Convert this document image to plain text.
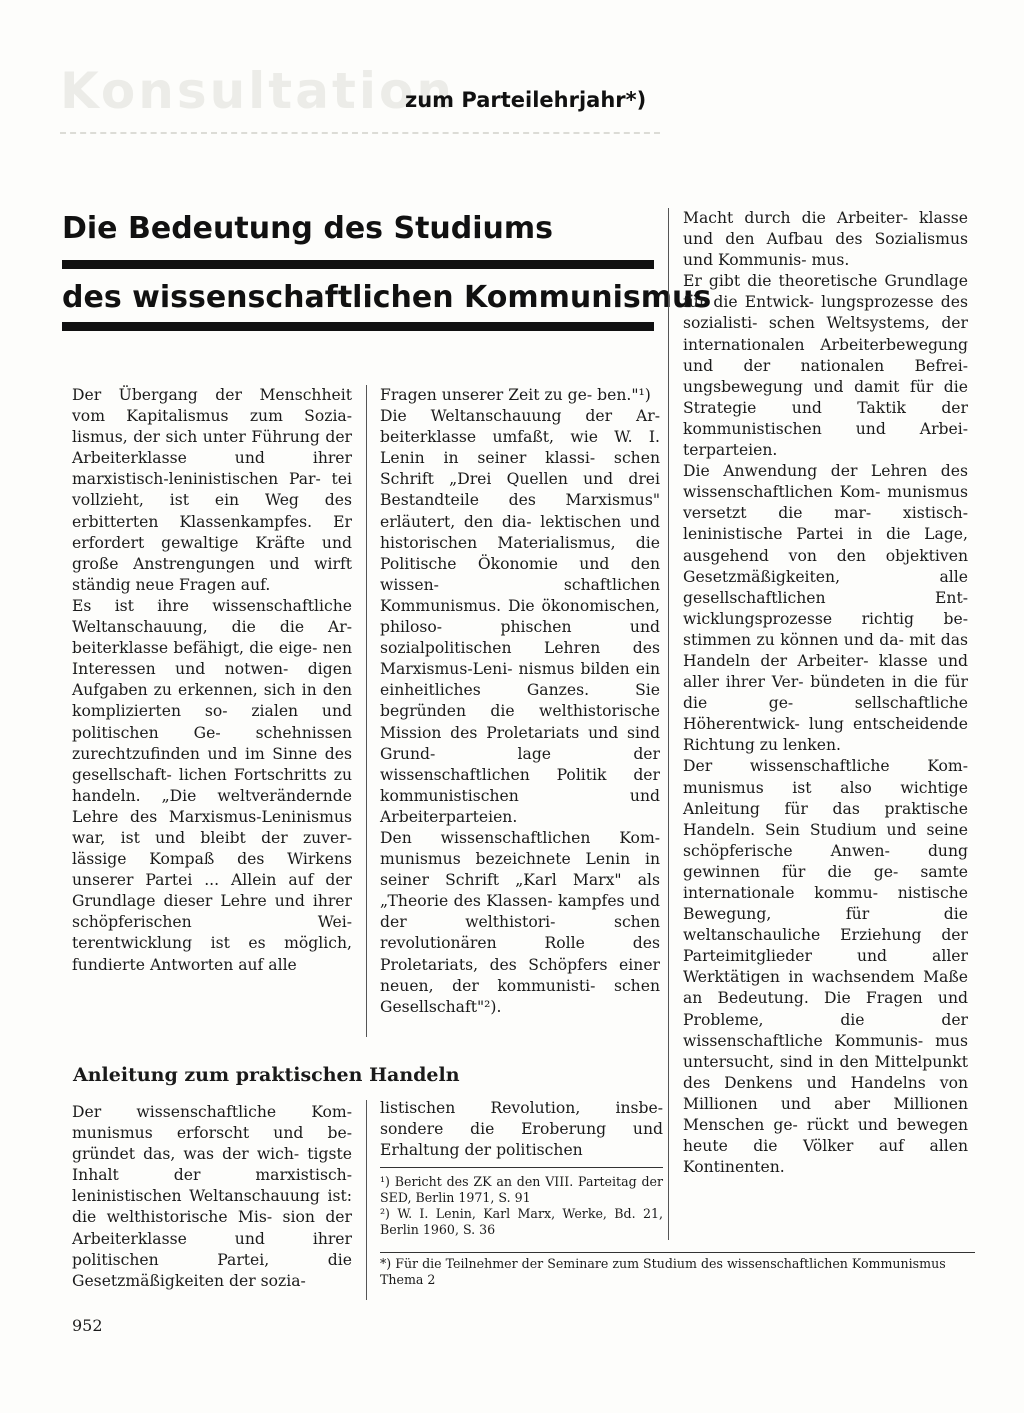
Konsultation
zum Parteilehrjahr*)
Die Bedeutung des Studiums
des wissenschaftlichen Kommunismus

Der Übergang der Menschheit vom Kapitalismus zum Sozia- lismus, der sich unter Führung der Arbeiterklasse und ihrer marxistisch-leninistischen Par- tei vollzieht, ist ein Weg des erbitterten Klassenkampfes. Er erfordert gewaltige Kräfte und große Anstrengungen und wirft ständig neue Fragen auf.

Es ist ihre wissenschaftliche Weltanschauung, die die Ar- beiterklasse befähigt, die eige- nen Interessen und notwen- digen Aufgaben zu erkennen, sich in den komplizierten so- zialen und politischen Ge- schehnissen zurechtzufinden und im Sinne des gesellschaft- lichen Fortschritts zu handeln. „Die weltverändernde Lehre des Marxismus-Leninismus war, ist und bleibt der zuver- lässige Kompaß des Wirkens unserer Partei ... Allein auf der Grundlage dieser Lehre und ihrer schöpferischen Wei- terentwicklung ist es möglich, fundierte Antworten auf alle

Fragen unserer Zeit zu ge- ben."¹)

Die Weltanschauung der Ar- beiterklasse umfaßt, wie W. I. Lenin in seiner klassi- schen Schrift „Drei Quellen und drei Bestandteile des Marxismus" erläutert, den dia- lektischen und historischen Materialismus, die Politische Ökonomie und den wissen- schaftlichen Kommunismus. Die ökonomischen, philoso- phischen und sozialpolitischen Lehren des Marxismus-Leni- nismus bilden ein einheitliches Ganzes. Sie begründen die welthistorische Mission des Proletariats und sind Grund- lage der wissenschaftlichen Politik der kommunistischen und Arbeiterparteien.

Den wissenschaftlichen Kom- munismus bezeichnete Lenin in seiner Schrift „Karl Marx" als „Theorie des Klassen- kampfes und der welthistori- schen revolutionären Rolle des Proletariats, des Schöpfers einer neuen, der kommunisti- schen Gesellschaft"²).

Macht durch die Arbeiter- klasse und den Aufbau des Sozialismus und Kommunis- mus.

Er gibt die theoretische Grundlage für die Entwick- lungsprozesse des sozialisti- schen Weltsystems, der internationalen Arbeiterbewegung und der nationalen Befrei- ungsbewegung und damit für die Strategie und Taktik der kommunistischen und Arbei- terparteien.

Die Anwendung der Lehren des wissenschaftlichen Kom- munismus versetzt die mar- xistisch-leninistische Partei in die Lage, ausgehend von den objektiven Gesetzmäßigkeiten, alle gesellschaftlichen Ent- wicklungsprozesse richtig be- stimmen zu können und da- mit das Handeln der Arbeiter- klasse und aller ihrer Ver- bündeten in die für die ge- sellschaftliche Höherentwick- lung entscheidende Richtung zu lenken.

Der wissenschaftliche Kom- munismus ist also wichtige Anleitung für das praktische Handeln. Sein Studium und seine schöpferische Anwen- dung gewinnen für die ge- samte internationale kommu- nistische Bewegung, für die weltanschauliche Erziehung der Parteimitglieder und aller Werktätigen in wachsendem Maße an Bedeutung. Die Fragen und Probleme, die der wissenschaftliche Kommunis- mus untersucht, sind in den Mittelpunkt des Denkens und Handelns von Millionen und aber Millionen Menschen ge- rückt und bewegen heute die Völker auf allen Kontinenten.

Anleitung zum praktischen Handeln

Der wissenschaftliche Kom- munismus erforscht und be- gründet das, was der wich- tigste Inhalt der marxistisch- leninistischen Weltanschauung ist: die welthistorische Mis- sion der Arbeiterklasse und ihrer politischen Partei, die Gesetzmäßigkeiten der sozia-

listischen Revolution, insbe- sondere die Eroberung und Erhaltung der politischen

¹) Bericht des ZK an den VIII. Parteitag der SED, Berlin 1971, S. 91

²) W. I. Lenin, Karl Marx, Werke, Bd. 21, Berlin 1960, S. 36

*) Für die Teilnehmer der Seminare zum Studium des wissenschaftlichen Kommunismus Thema 2
952
